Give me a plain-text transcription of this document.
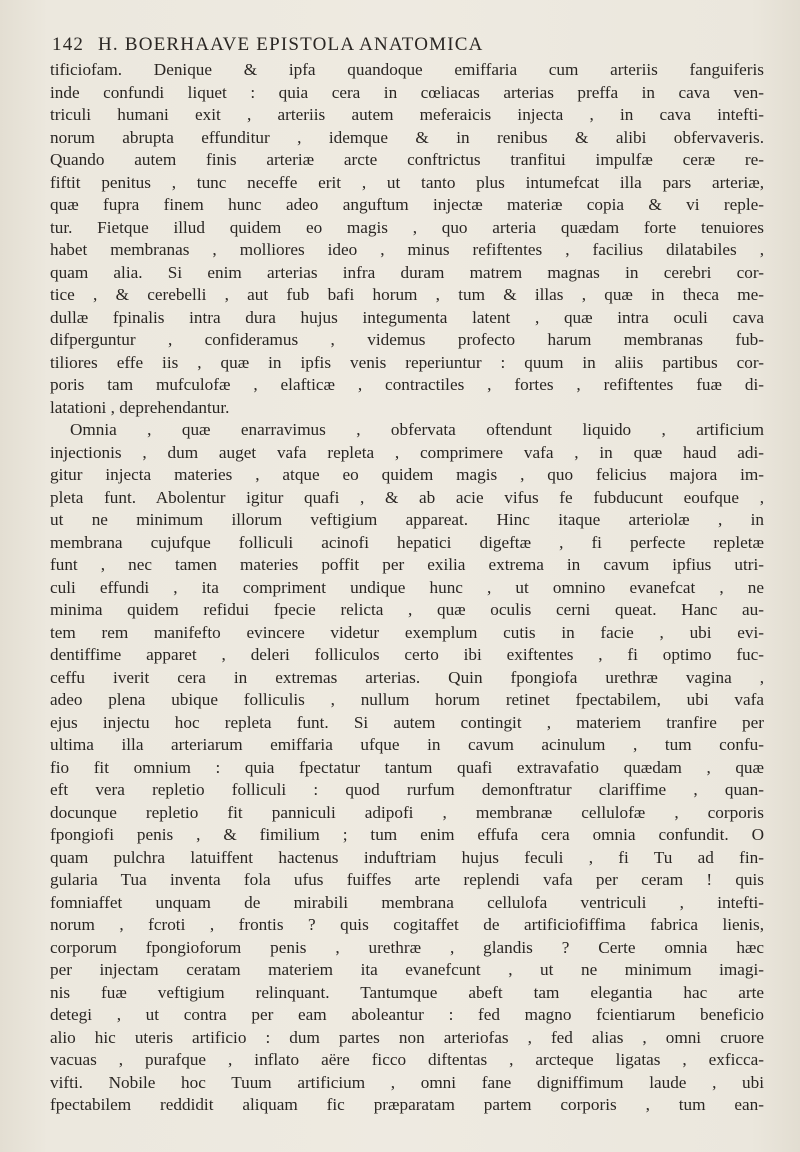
142 H. BOERHAAVE EPISTOLA ANATOMICA
tificiofam. Denique & ipfa quandoque emiffaria cum arteriis fanguiferis
inde confundi liquet : quia cera in cœliacas arterias preffa in cava ven-
triculi humani exit , arteriis autem meferaicis injecta , in cava intefti-
norum abrupta effunditur , idemque & in renibus & alibi obfervaveris.
Quando autem finis arteriæ arcte conftrictus tranfitui impulfæ ceræ re-
fiftit penitus , tunc neceffe erit , ut tanto plus intumefcat illa pars arteriæ,
quæ fupra finem hunc adeo anguftum injectæ materiæ copia & vi reple-
tur. Fietque illud quidem eo magis , quo arteria quædam forte tenuiores
habet membranas , molliores ideo , minus refiftentes , facilius dilatabiles ,
quam alia. Si enim arterias infra duram matrem magnas in cerebri cor-
tice , & cerebelli , aut fub bafi horum , tum & illas , quæ in theca me-
dullæ fpinalis intra dura hujus integumenta latent , quæ intra oculi cava
difperguntur , confideramus , videmus profecto harum membranas fub-
tiliores effe iis , quæ in ipfis venis reperiuntur : quum in aliis partibus cor-
poris tam mufculofæ , elafticæ , contractiles , fortes , refiftentes fuæ di-
latationi , deprehendantur.
Omnia , quæ enarravimus , obfervata oftendunt liquido , artificium
injectionis , dum auget vafa repleta , comprimere vafa , in quæ haud adi-
gitur injecta materies , atque eo quidem magis , quo felicius majora im-
pleta funt. Abolentur igitur quafi , & ab acie vifus fe fubducunt eoufque ,
ut ne minimum illorum veftigium appareat. Hinc itaque arteriolæ , in
membrana cujufque folliculi acinofi hepatici digeftæ , fi perfecte repletæ
funt , nec tamen materies poffit per exilia extrema in cavum ipfius utri-
culi effundi , ita compriment undique hunc , ut omnino evanefcat , ne
minima quidem refidui fpecie relicta , quæ oculis cerni queat. Hanc au-
tem rem manifefto evincere videtur exemplum cutis in facie , ubi evi-
dentiffime apparet , deleri folliculos certo ibi exiftentes , fi optimo fuc-
ceffu iverit cera in extremas arterias. Quin fpongiofa urethræ vagina ,
adeo plena ubique folliculis , nullum horum retinet fpectabilem, ubi vafa
ejus injectu hoc repleta funt. Si autem contingit , materiem tranfire per
ultima illa arteriarum emiffaria ufque in cavum acinulum , tum confu-
fio fit omnium : quia fpectatur tantum quafi extravafatio quædam , quæ
eft vera repletio folliculi : quod rurfum demonftratur clariffime , quan-
docunque repletio fit panniculi adipofi , membranæ cellulofæ , corporis
fpongiofi penis , & fimilium ; tum enim effufa cera omnia confundit. O
quam pulchra latuiffent hactenus induftriam hujus feculi , fi Tu ad fin-
gularia Tua inventa fola ufus fuiffes arte replendi vafa per ceram ! quis
fomniaffet unquam de mirabili membrana cellulofa ventriculi , intefti-
norum , fcroti , frontis ? quis cogitaffet de artificiofiffima fabrica lienis,
corporum fpongioforum penis , urethræ , glandis ? Certe omnia hæc
per injectam ceratam materiem ita evanefcunt , ut ne minimum imagi-
nis fuæ veftigium relinquant. Tantumque abeft tam elegantia hac arte
detegi , ut contra per eam aboleantur : fed magno fcientiarum beneficio
alio hic uteris artificio : dum partes non arteriofas , fed alias , omni cruore
vacuas , purafque , inflato aëre ficco diftentas , arcteque ligatas , exficca-
vifti. Nobile hoc Tuum artificium , omni fane digniffimum laude , ubi
fpectabilem reddidit aliquam fic præparatam partem corporis , tum ean-
